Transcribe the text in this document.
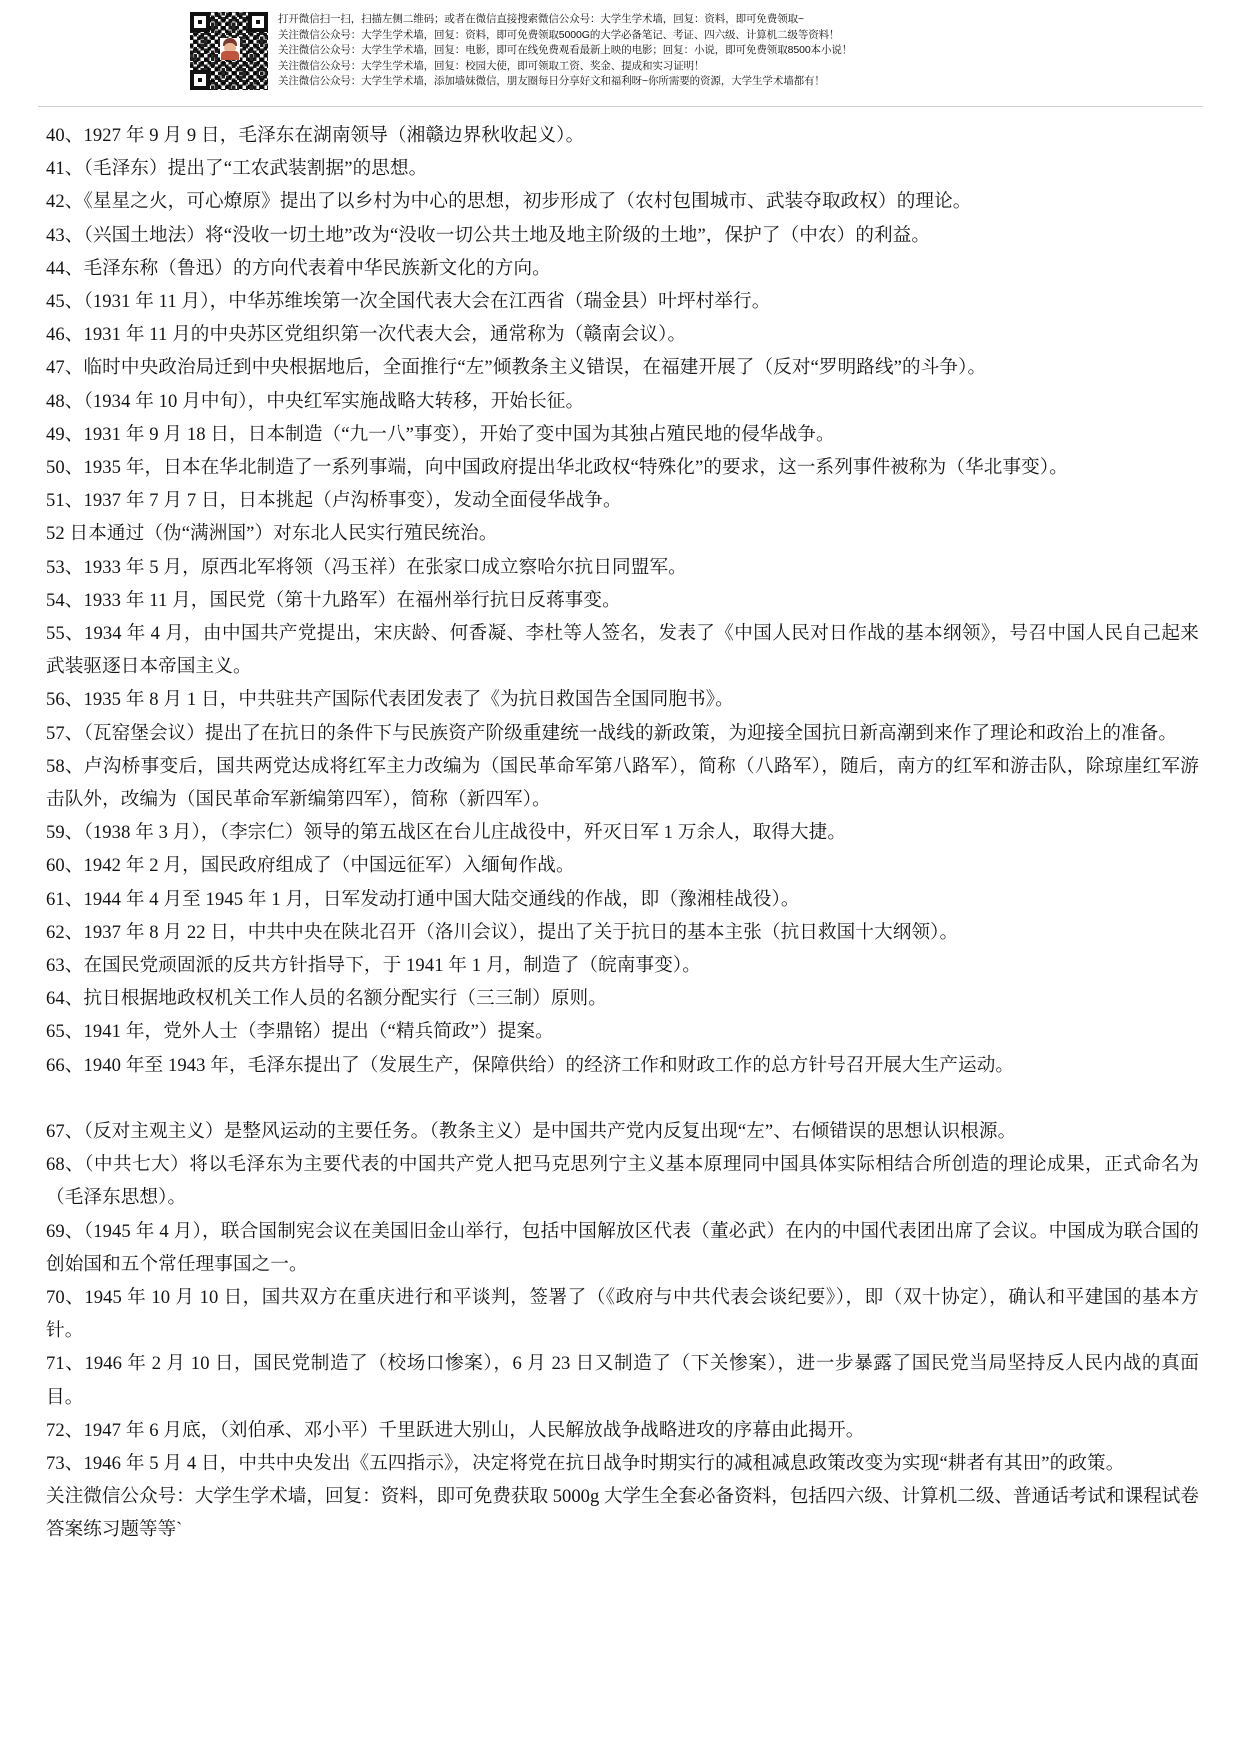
打开微信扫一扫，扫描左侧二维码；或者在微信直接搜索微信公众号：大学生学术墙，回复：资料，即可免费领取~
关注微信公众号：大学生学术墙，回复：资料，即可免费领取5000G的大学必备笔记、考证、四六级、计算机二级等资料！
关注微信公众号：大学生学术墙，回复：电影，即可在线免费观看最新上映的电影；回复：小说，即可免费领取8500本小说！
关注微信公众号：大学生学术墙，回复：校园大使，即可领取工资、奖金、提成和实习证明！
关注微信公众号：大学生学术墙，添加墙妹微信，朋友圈每日分享好文和福利呀~你所需要的资源，大学生学术墙都有！

40、1927 年 9 月 9 日，毛泽东在湖南领导（湘赣边界秋收起义）。

41、（毛泽东）提出了“工农武装割据”的思想。

42、《星星之火，可心燎原》提出了以乡村为中心的思想，初步形成了（农村包围城市、武装夺取政权）的理论。

43、（兴国土地法）将“没收一切土地”改为“没收一切公共土地及地主阶级的土地”，保护了（中农）的利益。

44、毛泽东称（鲁迅）的方向代表着中华民族新文化的方向。

45、（1931 年 11 月），中华苏维埃第一次全国代表大会在江西省（瑞金县）叶坪村举行。

46、1931 年 11 月的中央苏区党组织第一次代表大会，通常称为（赣南会议）。

47、临时中央政治局迁到中央根据地后，全面推行“左”倾教条主义错误，在福建开展了（反对“罗明路线”的斗争）。

48、（1934 年 10 月中旬），中央红军实施战略大转移，开始长征。

49、1931 年 9 月 18 日，日本制造（“九一八”事变），开始了变中国为其独占殖民地的侵华战争。

50、1935 年，日本在华北制造了一系列事端，向中国政府提出华北政权“特殊化”的要求，这一系列事件被称为（华北事变）。

51、1937 年 7 月 7 日，日本挑起（卢沟桥事变），发动全面侵华战争。

52 日本通过（伪“满洲国”）对东北人民实行殖民统治。

53、1933 年 5 月，原西北军将领（冯玉祥）在张家口成立察哈尔抗日同盟军。

54、1933 年 11 月，国民党（第十九路军）在福州举行抗日反蒋事变。

55、1934 年 4 月，由中国共产党提出，宋庆龄、何香凝、李杜等人签名，发表了《中国人民对日作战的基本纲领》，号召中国人民自己起来武装驱逐日本帝国主义。

56、1935 年 8 月 1 日，中共驻共产国际代表团发表了《为抗日救国告全国同胞书》。

57、（瓦窑堡会议）提出了在抗日的条件下与民族资产阶级重建统一战线的新政策，为迎接全国抗日新高潮到来作了理论和政治上的准备。

58、卢沟桥事变后，国共两党达成将红军主力改编为（国民革命军第八路军），简称（八路军），随后，南方的红军和游击队，除琼崖红军游击队外，改编为（国民革命军新编第四军），简称（新四军）。

59、（1938 年 3 月），（李宗仁）领导的第五战区在台儿庄战役中，歼灭日军 1 万余人，取得大捷。

60、1942 年 2 月，国民政府组成了（中国远征军）入缅甸作战。

61、1944 年 4 月至 1945 年 1 月，日军发动打通中国大陆交通线的作战，即（豫湘桂战役）。

62、1937 年 8 月 22 日，中共中央在陕北召开（洛川会议），提出了关于抗日的基本主张（抗日救国十大纲领）。

63、在国民党顽固派的反共方针指导下，于 1941 年 1 月，制造了（皖南事变）。

64、抗日根据地政权机关工作人员的名额分配实行（三三制）原则。

65、1941 年，党外人士（李鼎铭）提出（“精兵简政”）提案。

66、1940 年至 1943 年，毛泽东提出了（发展生产，保障供给）的经济工作和财政工作的总方针号召开展大生产运动。

67、（反对主观主义）是整风运动的主要任务。（教条主义）是中国共产党内反复出现“左”、右倾错误的思想认识根源。

68、（中共七大）将以毛泽东为主要代表的中国共产党人把马克思列宁主义基本原理同中国具体实际相结合所创造的理论成果，正式命名为（毛泽东思想）。

69、（1945 年 4 月），联合国制宪会议在美国旧金山举行，包括中国解放区代表（董必武）在内的中国代表团出席了会议。中国成为联合国的创始国和五个常任理事国之一。

70、1945 年 10 月 10 日，国共双方在重庆进行和平谈判，签署了（《政府与中共代表会谈纪要》），即（双十协定），确认和平建国的基本方针。

71、1946 年 2 月 10 日，国民党制造了（校场口惨案），6 月 23 日又制造了（下关惨案），进一步暴露了国民党当局坚持反人民内战的真面目。

72、1947 年 6 月底，（刘伯承、邓小平）千里跃进大别山，人民解放战争战略进攻的序幕由此揭开。

73、1946 年 5 月 4 日，中共中央发出《五四指示》，决定将党在抗日战争时期实行的减租减息政策改变为实现“耕者有其田”的政策。

关注微信公众号：大学生学术墙，回复：资料，即可免费获取 5000g 大学生全套必备资料，包括四六级、计算机二级、普通话考试和课程试卷答案练习题等等`
